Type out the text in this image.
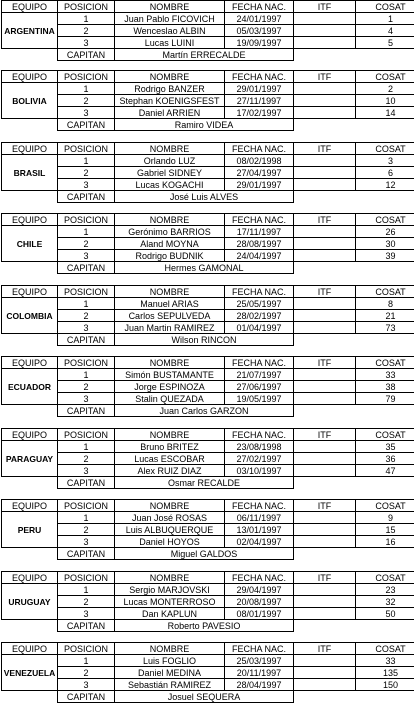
EQUIPO	POSICION	NOMBRE	FECHA NAC.	ITF	COSAT
ARGENTINA	1	Juan Pablo FICOVICH	24/01/1997		1
	2	Wenceslao ALBIN	05/03/1997		4
	3	Lucas LUINI	19/09/1997		5
	CAPITAN	Martín ERRECALDE			
EQUIPO	POSICION	NOMBRE	FECHA NAC.	ITF	COSAT
BOLIVIA	1	Rodrigo BANZER	29/01/1997		2
	2	Stephan KOENIGSFEST	27/11/1997		10
	3	Daniel ARRIEN	17/02/1997		14
	CAPITAN	Ramiro VIDEA			
EQUIPO	POSICION	NOMBRE	FECHA NAC.	ITF	COSAT
BRASIL	1	Orlando LUZ	08/02/1998		3
	2	Gabriel SIDNEY	27/04/1997		6
	3	Lucas KOGACHI	29/01/1997		12
	CAPITAN	José Luis ALVES			
EQUIPO	POSICION	NOMBRE	FECHA NAC.	ITF	COSAT
CHILE	1	Gerónimo BARRIOS	17/11/1997		26
	2	Aland MOYNA	28/08/1997		30
	3	Rodrigo BUDNIK	24/04/1997		39
	CAPITAN	Hermes GAMONAL			
EQUIPO	POSICION	NOMBRE	FECHA NAC.	ITF	COSAT
COLOMBIA	1	Manuel ARIAS	25/05/1997		8
	2	Carlos SEPULVEDA	28/02/1997		21
	3	Juan Martin RAMIREZ	01/04/1997		73
	CAPITAN	Wilson RINCON			
EQUIPO	POSICION	NOMBRE	FECHA NAC.	ITF	COSAT
ECUADOR	1	Simón BUSTAMANTE	21/07/1997		33
	2	Jorge ESPINOZA	27/06/1997		38
	3	Stalin QUEZADA	19/05/1997		79
	CAPITAN	Juan Carlos GARZON			
EQUIPO	POSICION	NOMBRE	FECHA NAC.	ITF	COSAT
PARAGUAY	1	Bruno BRITEZ	23/08/1998		35
	2	Lucas ESCOBAR	27/02/1997		36
	3	Alex RUIZ DIAZ	03/10/1997		47
	CAPITAN	Osmar RECALDE			
EQUIPO	POSICION	NOMBRE	FECHA NAC.	ITF	COSAT
PERU	1	Juan José ROSAS	06/11/1997		9
	2	Luis ALBUQUERQUE	13/01/1997		15
	3	Daniel HOYOS	02/04/1997		16
	CAPITAN	Miguel GALDOS			
EQUIPO	POSICION	NOMBRE	FECHA NAC.	ITF	COSAT
URUGUAY	1	Sergio MARJOVSKI	29/04/1997		23
	2	Lucas MONTERROSO	20/08/1997		32
	3	Dan KAPLUN	08/01/1997		50
	CAPITAN	Roberto PAVESIO			
EQUIPO	POSICION	NOMBRE	FECHA NAC.	ITF	COSAT
VENEZUELA	1	Luis FOGLIO	25/03/1997		33
	2	Daniel MEDINA	20/11/1997		135
	3	Sebastián RAMIREZ	28/04/1997		150
	CAPITAN	Josuel SEQUERA			
